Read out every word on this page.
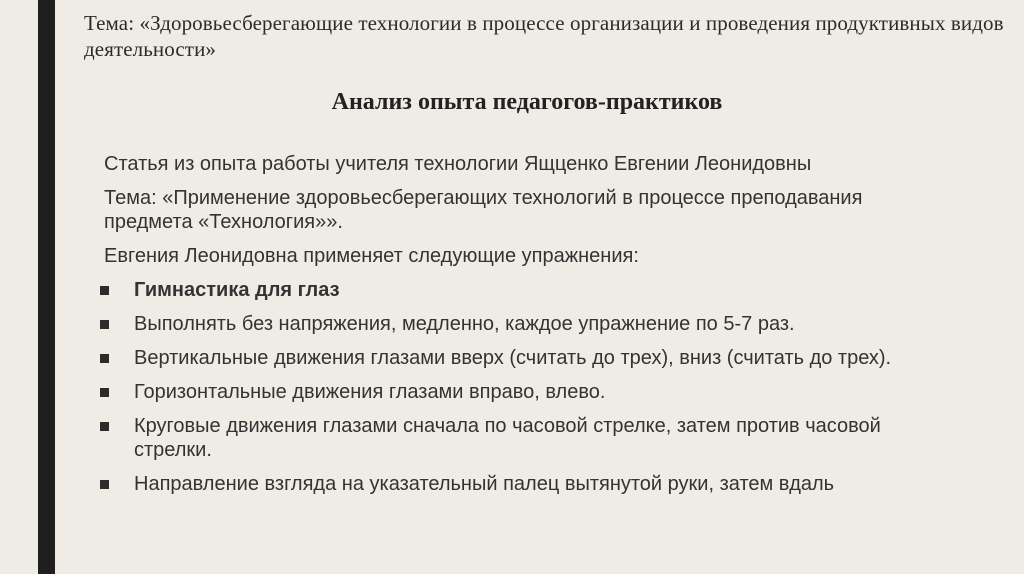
Тема: «Здоровьесберегающие технологии в процессе организации и проведения продуктивных видов деятельности»
Анализ опыта педагогов-практиков

Статья из опыта работы учителя технологии Ящценко Евгении Леонидовны

Тема: «Применение здоровьесберегающих технологий в процессе преподавания предмета «Технология»».

Евгения Леонидовна применяет следующие упражнения:

Гимнастика для глаз
Выполнять без напряжения, медленно, каждое упражнение по 5-7 раз.
Вертикальные движения глазами вверх (считать до трех), вниз (считать до трех).
Горизонтальные движения глазами вправо, влево.
Круговые движения глазами сначала по часовой стрелке, затем против часовой стрелки.
Направление взгляда на указательный палец вытянутой руки, затем вдаль
